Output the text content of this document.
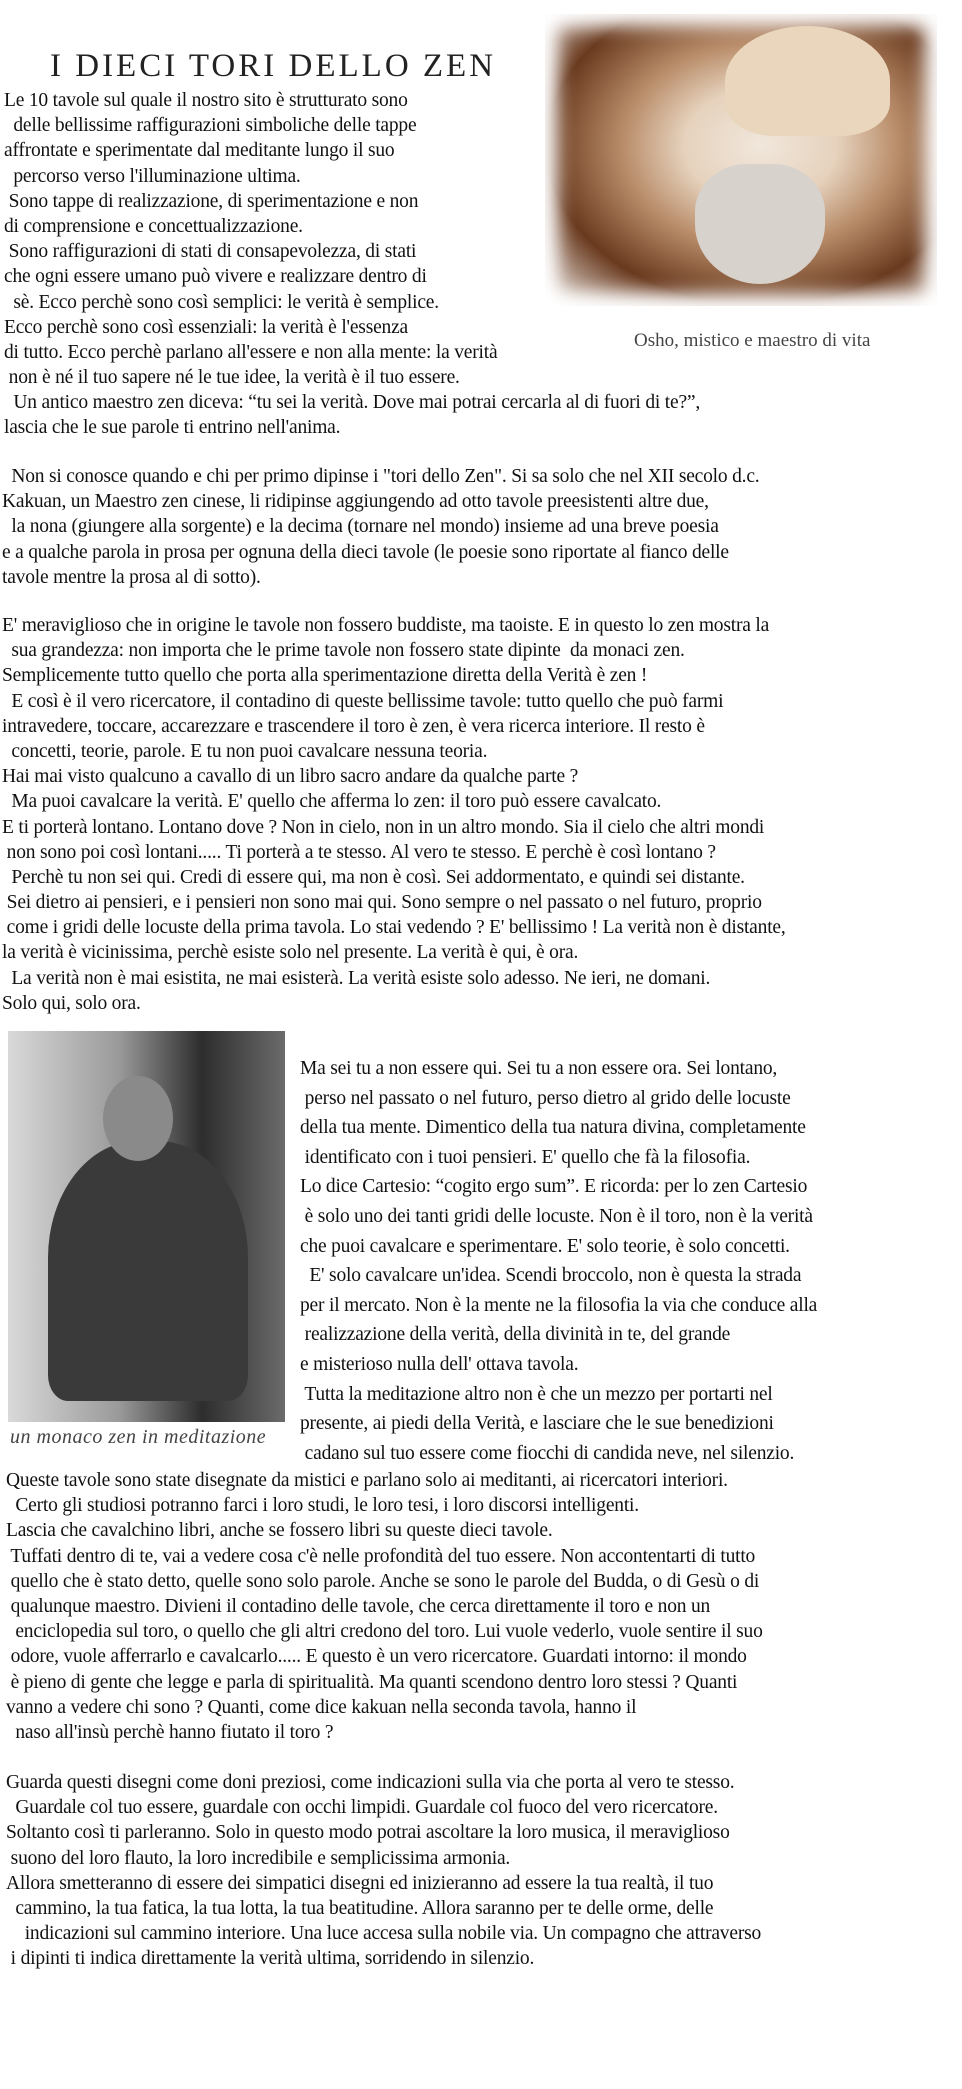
I DIECI TORI DELLO ZEN
Osho, mistico e maestro di vita
Le 10 tavole sul quale il nostro sito è strutturato sono
delle bellissime raffigurazioni simboliche delle tappe
affrontate e sperimentate dal meditante lungo il suo
percorso verso l'illuminazione ultima.
Sono tappe di realizzazione, di sperimentazione e non
di comprensione e concettualizzazione.
Sono raffigurazioni di stati di consapevolezza, di stati
che ogni essere umano può vivere e realizzare dentro di
sè. Ecco perchè sono così semplici: le verità è semplice.
Ecco perchè sono così essenziali: la verità è l'essenza
di tutto. Ecco perchè parlano all'essere e non alla mente: la verità
non è né il tuo sapere né le tue idee, la verità è il tuo essere.
Un antico maestro zen diceva: “tu sei la verità. Dove mai potrai cercarla al di fuori di te?”,
lascia che le sue parole ti entrino nell'anima.
Non si conosce quando e chi per primo dipinse i "tori dello Zen". Si sa solo che nel XII secolo d.c.
Kakuan, un Maestro zen cinese, li ridipinse aggiungendo ad otto tavole preesistenti altre due,
la nona (giungere alla sorgente) e la decima (tornare nel mondo) insieme ad una breve poesia
e a qualche parola in prosa per ognuna della dieci tavole (le poesie sono riportate al fianco delle
tavole mentre la prosa al di sotto).
E' meraviglioso che in origine le tavole non fossero buddiste, ma taoiste. E in questo lo zen mostra la
sua grandezza: non importa che le prime tavole non fossero state dipinte  da monaci zen.
Semplicemente tutto quello che porta alla sperimentazione diretta della Verità è zen !
E così è il vero ricercatore, il contadino di queste bellissime tavole: tutto quello che può farmi
intravedere, toccare, accarezzare e trascendere il toro è zen, è vera ricerca interiore. Il resto è
concetti, teorie, parole. E tu non puoi cavalcare nessuna teoria.
Hai mai visto qualcuno a cavallo di un libro sacro andare da qualche parte ?
Ma puoi cavalcare la verità. E' quello che afferma lo zen: il toro può essere cavalcato.
E ti porterà lontano. Lontano dove ? Non in cielo, non in un altro mondo. Sia il cielo che altri mondi
non sono poi così lontani..... Ti porterà a te stesso. Al vero te stesso. E perchè è così lontano ?
Perchè tu non sei qui. Credi di essere qui, ma non è così. Sei addormentato, e quindi sei distante.
Sei dietro ai pensieri, e i pensieri non sono mai qui. Sono sempre o nel passato o nel futuro, proprio
come i gridi delle locuste della prima tavola. Lo stai vedendo ? E' bellissimo ! La verità non è distante,
la verità è vicinissima, perchè esiste solo nel presente. La verità è qui, è ora.
La verità non è mai esistita, ne mai esisterà. La verità esiste solo adesso. Ne ieri, ne domani.
Solo qui, solo ora.
Ma sei tu a non essere qui. Sei tu a non essere ora. Sei lontano,
perso nel passato o nel futuro, perso dietro al grido delle locuste
della tua mente. Dimentico della tua natura divina, completamente
identificato con i tuoi pensieri. E' quello che fà la filosofia.
Lo dice Cartesio: “cogito ergo sum”. E ricorda: per lo zen Cartesio
è solo uno dei tanti gridi delle locuste. Non è il toro, non è la verità
che puoi cavalcare e sperimentare. E' solo teorie, è solo concetti.
E' solo cavalcare un'idea. Scendi broccolo, non è questa la strada
per il mercato. Non è la mente ne la filosofia la via che conduce alla
realizzazione della verità, della divinità in te, del grande
e misterioso nulla dell' ottava tavola.
Tutta la meditazione altro non è che un mezzo per portarti nel
presente, ai piedi della Verità, e lasciare che le sue benedizioni
cadano sul tuo essere come fiocchi di candida neve, nel silenzio.
un monaco zen in meditazione
Queste tavole sono state disegnate da mistici e parlano solo ai meditanti, ai ricercatori interiori.
Certo gli studiosi potranno farci i loro studi, le loro tesi, i loro discorsi intelligenti.
Lascia che cavalchino libri, anche se fossero libri su queste dieci tavole.
Tuffati dentro di te, vai a vedere cosa c'è nelle profondità del tuo essere. Non accontentarti di tutto
quello che è stato detto, quelle sono solo parole. Anche se sono le parole del Budda, o di Gesù o di
qualunque maestro. Divieni il contadino delle tavole, che cerca direttamente il toro e non un
enciclopedia sul toro, o quello che gli altri credono del toro. Lui vuole vederlo, vuole sentire il suo
odore, vuole afferrarlo e cavalcarlo..... E questo è un vero ricercatore. Guardati intorno: il mondo
è pieno di gente che legge e parla di spiritualità. Ma quanti scendono dentro loro stessi ? Quanti
vanno a vedere chi sono ? Quanti, come dice kakuan nella seconda tavola, hanno il
naso all'insù perchè hanno fiutato il toro ?
Guarda questi disegni come doni preziosi, come indicazioni sulla via che porta al vero te stesso.
Guardale col tuo essere, guardale con occhi limpidi. Guardale col fuoco del vero ricercatore.
Soltanto così ti parleranno. Solo in questo modo potrai ascoltare la loro musica, il meraviglioso
suono del loro flauto, la loro incredibile e semplicissima armonia.
Allora smetteranno di essere dei simpatici disegni ed inizieranno ad essere la tua realtà, il tuo
cammino, la tua fatica, la tua lotta, la tua beatitudine. Allora saranno per te delle orme, delle
indicazioni sul cammino interiore. Una luce accesa sulla nobile via. Un compagno che attraverso
i dipinti ti indica direttamente la verità ultima, sorridendo in silenzio.
